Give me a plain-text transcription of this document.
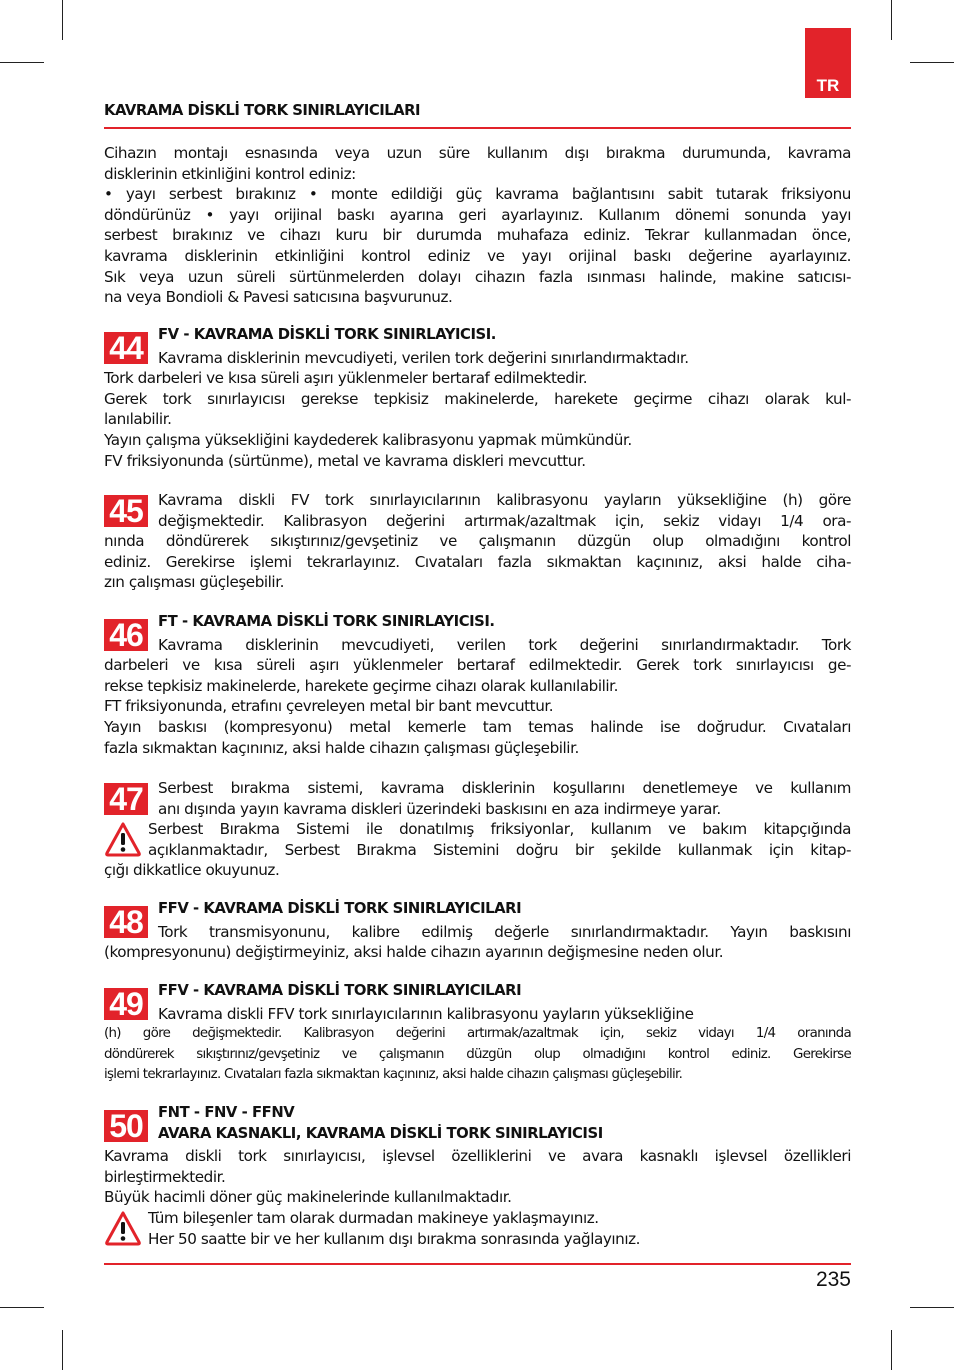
TR
KAVRAMA DİSKLİ TORK SINIRLAYICILARI
Cihazın montajı esnasında veya uzun süre kullanım dışı bırakma durumunda, kavrama
disklerinin etkinliğini kontrol ediniz:
• yayı serbest bırakınız • monte edildiği güç kavrama bağlantısını sabit tutarak friksiyonu
döndürünüz • yayı orijinal baskı ayarına geri ayarlayınız. Kullanım dönemi sonunda yayı
serbest bırakınız ve cihazı kuru bir durumda muhafaza ediniz. Tekrar kullanmadan önce,
kavrama disklerinin etkinliğini kontrol ediniz ve yayı orijinal baskı değerine ayarlayınız.
Sık veya uzun süreli sürtünmelerden dolayı cihazın fazla ısınması halinde, makine satıcısı-
na veya Bondioli & Pavesi satıcısına başvurunuz.
FV - KAVRAMA DİSKLİ TORK SINIRLAYICISI.
Kavrama disklerinin mevcudiyeti, verilen tork değerini sınırlandırmaktadır.
Tork darbeleri ve kısa süreli aşırı yüklenmeler bertaraf edilmektedir.
Gerek tork sınırlayıcısı gerekse tepkisiz makinelerde, harekete geçirme cihazı olarak kul-
lanılabilir.
Yayın çalışma yüksekliğini kaydederek kalibrasyonu yapmak mümkündür.
FV friksiyonunda (sürtünme), metal ve kavrama diskleri mevcuttur.
Kavrama diskli FV tork sınırlayıcılarının kalibrasyonu yayların yüksekliğine (h) göre
değişmektedir. Kalibrasyon değerini artırmak/azaltmak için, sekiz vidayı 1/4 ora-
nında döndürerek sıkıştırınız/gevşetiniz ve çalışmanın düzgün olup olmadığını kontrol
ediniz. Gerekirse işlemi tekrarlayınız. Cıvataları fazla sıkmaktan kaçınınız, aksi halde ciha-
zın çalışması güçleşebilir.
FT - KAVRAMA DİSKLİ TORK SINIRLAYICISI.
Kavrama disklerinin mevcudiyeti, verilen tork değerini sınırlandırmaktadır. Tork
darbeleri ve kısa süreli aşırı yüklenmeler bertaraf edilmektedir. Gerek tork sınırlayıcısı ge-
rekse tepkisiz makinelerde, harekete geçirme cihazı olarak kullanılabilir.
FT friksiyonunda, etrafını çevreleyen metal bir bant mevcuttur.
Yayın baskısı (kompresyonu) metal kemerle tam temas halinde ise doğrudur. Cıvataları
fazla sıkmaktan kaçınınız, aksi halde cihazın çalışması güçleşebilir.
Serbest bırakma sistemi, kavrama disklerinin koşullarını denetlemeye ve kullanım
anı dışında yayın kavrama diskleri üzerindeki baskısını en aza indirmeye yarar.
Serbest Bırakma Sistemi ile donatılmış friksiyonlar, kullanım ve bakım kitapçığında
açıklanmaktadır, Serbest Bırakma Sistemini doğru bir şekilde kullanmak için kitap-
çığı dikkatlice okuyunuz.
FFV - KAVRAMA DİSKLİ TORK SINIRLAYICILARI
Tork transmisyonunu, kalibre edilmiş değerle sınırlandırmaktadır. Yayın baskısını
(kompresyonunu) değiştirmeyiniz, aksi halde cihazın ayarının değişmesine neden olur.
FFV - KAVRAMA DİSKLİ TORK SINIRLAYICILARI
Kavrama diskli FFV tork sınırlayıcılarının kalibrasyonu yayların yüksekliğine
(h) göre değişmektedir. Kalibrasyon değerini artırmak/azaltmak için, sekiz vidayı 1/4 oranında
döndürerek sıkıştırınız/gevşetiniz ve çalışmanın düzgün olup olmadığını kontrol ediniz. Gerekirse
işlemi tekrarlayınız. Cıvataları fazla sıkmaktan kaçınınız, aksi halde cihazın çalışması güçleşebilir.
FNT - FNV - FFNV
AVARA KASNAKLI, KAVRAMA DİSKLİ TORK SINIRLAYICISI
Kavrama diskli tork sınırlayıcısı, işlevsel özelliklerini ve avara kasnaklı işlevsel özellikleri
birleştirmektedir.
Büyük hacimli döner güç makinelerinde kullanılmaktadır.
Tüm bileşenler tam olarak durmadan makineye yaklaşmayınız.
Her 50 saatte bir ve her kullanım dışı bırakma sonrasında yağlayınız.
44
45
46
47
48
49
50
235
